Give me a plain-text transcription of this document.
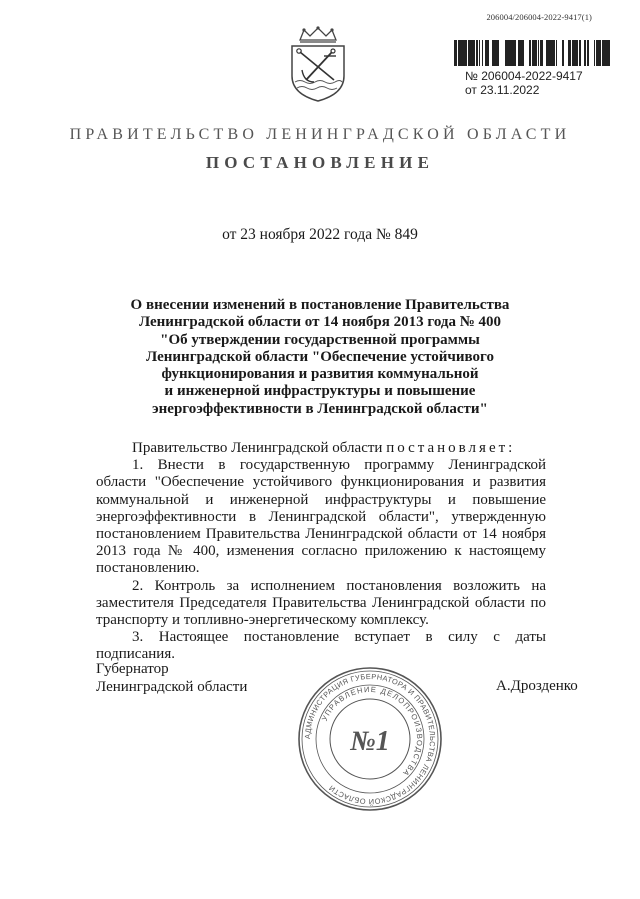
206004/206004-2022-9417(1)
№ 206004-2022-9417
от 23.11.2022
ПРАВИТЕЛЬСТВО ЛЕНИНГРАДСКОЙ ОБЛАСТИ
ПОСТАНОВЛЕНИЕ
от 23 ноября 2022 года № 849
О внесении изменений в постановление Правительства
Ленинградской области от 14 ноября 2013 года № 400
"Об утверждении государственной программы
Ленинградской области "Обеспечение устойчивого
функционирования и развития коммунальной
и инженерной инфраструктуры и повышение
энергоэффективности в Ленинградской области"

Правительство Ленинградской области постановляет:

1. Внести в государственную программу Ленинградской области "Обеспечение устойчивого функционирования и развития коммунальной и инженерной инфраструктуры и повышение энергоэффективности в Ленинградской области", утвержденную постановлением Правительства Ленинградской области от 14 ноября 2013 года № 400, изменения согласно приложению к настоящему постановлению.

2. Контроль за исполнением постановления возложить на заместителя Председателя Правительства Ленинградской области по транспорту и топливно-энергетическому комплексу.

3. Настоящее постановление вступает в силу с даты подписания.

Губернатор
Ленинградской области	А.Дрозденко
АДМИНИСТРАЦИЯ ГУБЕРНАТОРА И ПРАВИТЕЛЬСТВА ЛЕНИНГРАДСКОЙ ОБЛАСТИ
УПРАВЛЕНИЕ ДЕЛОПРОИЗВОДСТВА
№1
